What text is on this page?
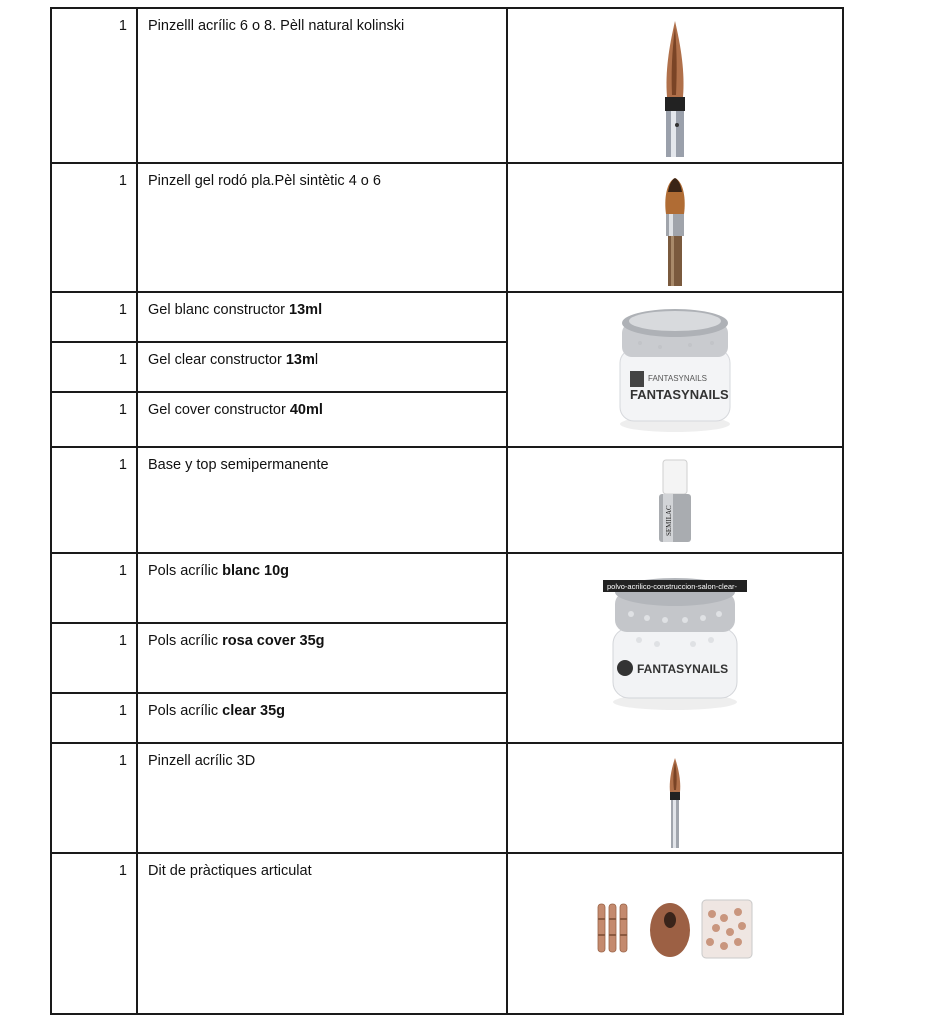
1	Pinzelll acrílic 6 o 8. Pèll natural kolinski	

1	Pinzell gel rodó pla.Pèl sintètic 4 o 6	

1	Gel blanc constructor 13ml	FANTASYNAILS
FANTASYNAILS

1	Gel clear constructor 13ml	
1	Gel cover constructor 40ml	
1	Base y top semipermanente	SEMILAC

1	Pols acrílic blanc 10g	polvo-acrilico-construccion-salon-clear-
FANTASYNAILS

1	Pols acrílic rosa cover 35g	
1	Pols acrílic clear 35g	
1	Pinzell acrílic 3D	

1	Dit de pràctiques articulat	
